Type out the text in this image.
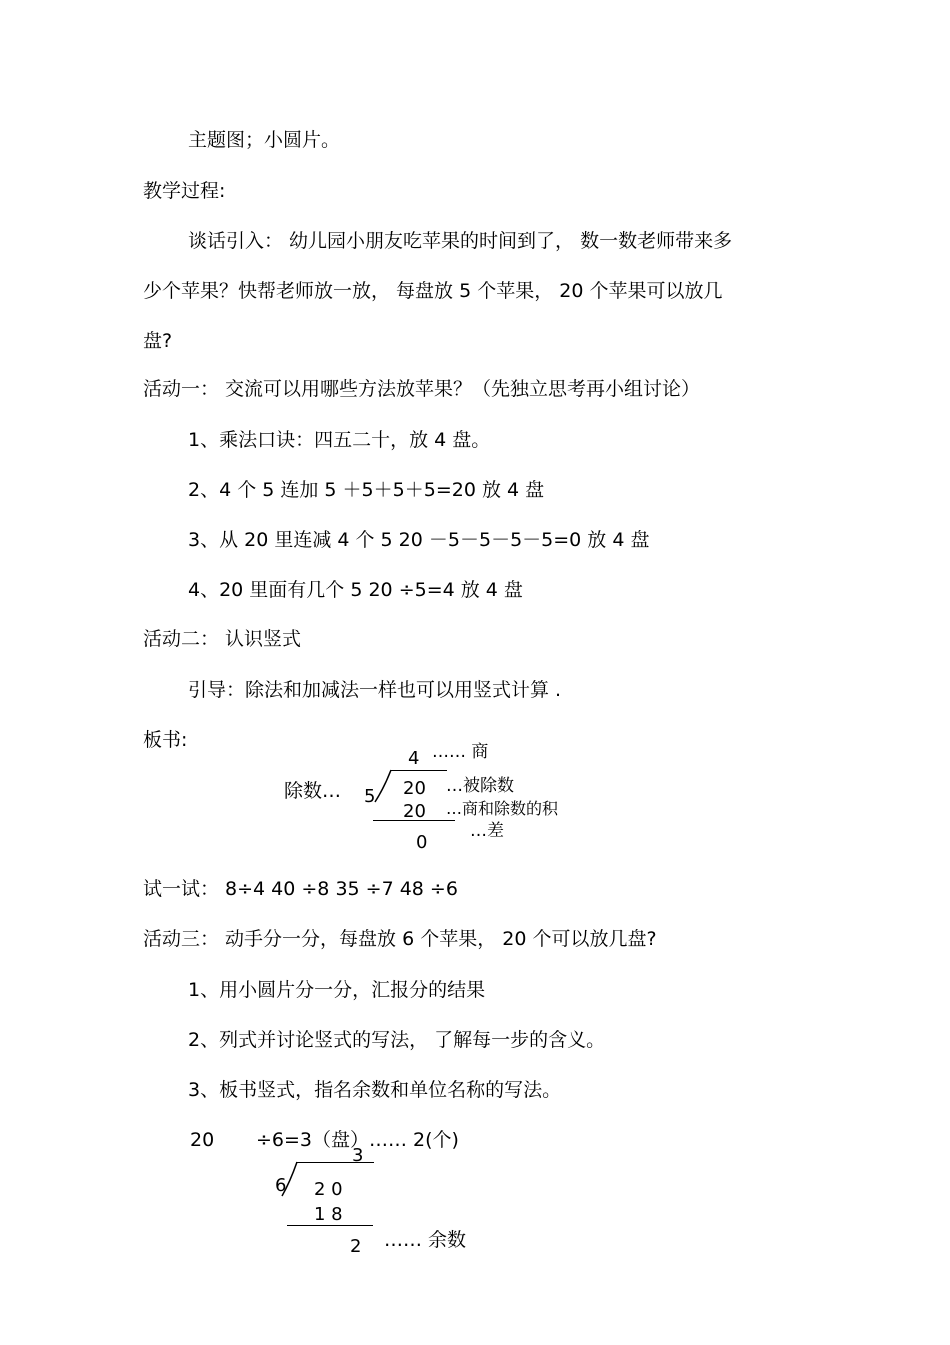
主题图；小圆片。
教学过程:
谈话引入： 幼儿园小朋友吃苹果的时间到了， 数一数老师带来多
少个苹果？快帮老师放一放， 每盘放 5 个苹果， 20 个苹果可以放几
盘?
活动一： 交流可以用哪些方法放苹果？（先独立思考再小组讨论）
1、乘法口诀：四五二十，放 4 盘。
2、4 个 5 连加 5 ＋5＋5＋5=20 放 4 盘
3、从 20 里连减 4 个 5 20 －5－5－5－5=0 放 4 盘
4、20 里面有几个 5 20 ÷5=4 放 4 盘
活动二： 认识竖式
引导：除法和加减法一样也可以用竖式计算 .
板书:
4 …… 商
除数… 5 20 …被除数
20 …商和除数的积
0
…差
试一试： 8÷4 40 ÷8 35 ÷7 48 ÷6
活动三： 动手分一分，每盘放 6 个苹果， 20 个可以放几盘?
1、用小圆片分一分，汇报分的结果
2、列式并讨论竖式的写法， 了解每一步的含义。
3、板书竖式，指名余数和单位名称的写法。
20 ÷6=3（盘）…… 2(个)
3
6 2 0
1 8
2 …… 余数
